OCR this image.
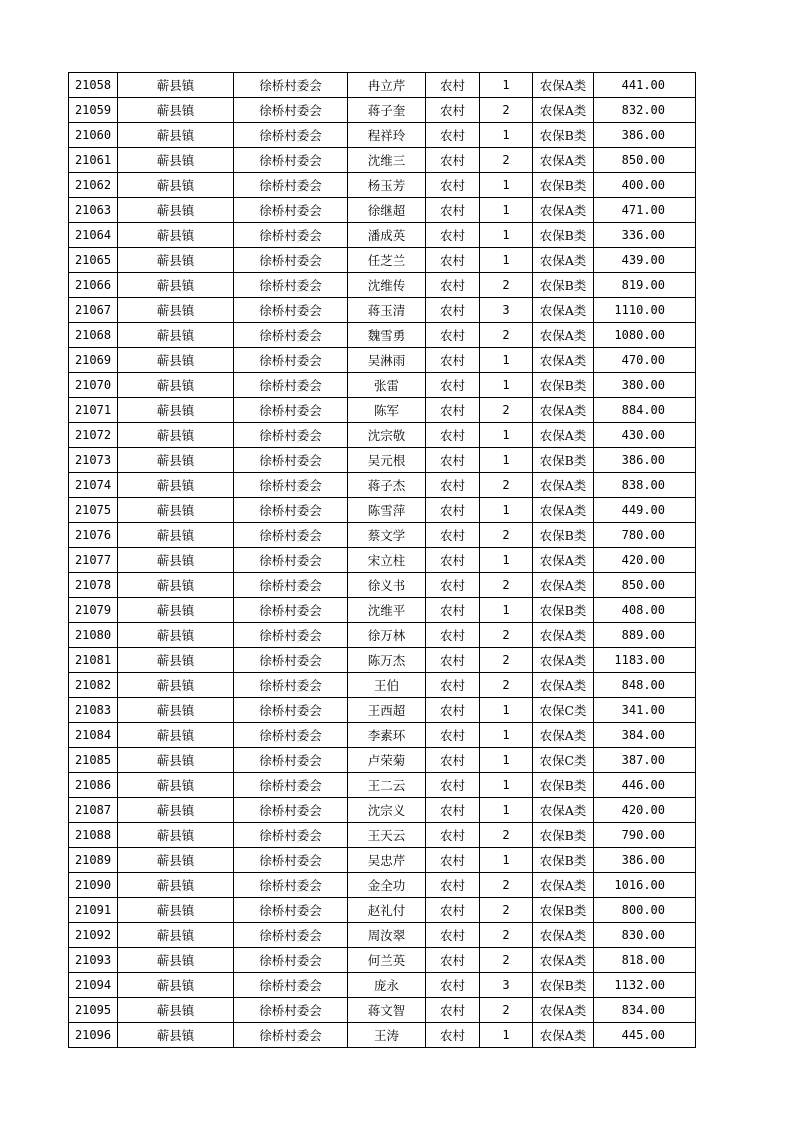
21058	蕲县镇	徐桥村委会	冉立芹	农村	1	农保A类	441.00
21059	蕲县镇	徐桥村委会	蒋子奎	农村	2	农保A类	832.00
21060	蕲县镇	徐桥村委会	程祥玲	农村	1	农保B类	386.00
21061	蕲县镇	徐桥村委会	沈维三	农村	2	农保A类	850.00
21062	蕲县镇	徐桥村委会	杨玉芳	农村	1	农保B类	400.00
21063	蕲县镇	徐桥村委会	徐继超	农村	1	农保A类	471.00
21064	蕲县镇	徐桥村委会	潘成英	农村	1	农保B类	336.00
21065	蕲县镇	徐桥村委会	任芝兰	农村	1	农保A类	439.00
21066	蕲县镇	徐桥村委会	沈维传	农村	2	农保B类	819.00
21067	蕲县镇	徐桥村委会	蒋玉清	农村	3	农保A类	1110.00
21068	蕲县镇	徐桥村委会	魏雪勇	农村	2	农保A类	1080.00
21069	蕲县镇	徐桥村委会	吴淋雨	农村	1	农保A类	470.00
21070	蕲县镇	徐桥村委会	张雷	农村	1	农保B类	380.00
21071	蕲县镇	徐桥村委会	陈军	农村	2	农保A类	884.00
21072	蕲县镇	徐桥村委会	沈宗敬	农村	1	农保A类	430.00
21073	蕲县镇	徐桥村委会	吴元根	农村	1	农保B类	386.00
21074	蕲县镇	徐桥村委会	蒋子杰	农村	2	农保A类	838.00
21075	蕲县镇	徐桥村委会	陈雪萍	农村	1	农保A类	449.00
21076	蕲县镇	徐桥村委会	蔡文学	农村	2	农保B类	780.00
21077	蕲县镇	徐桥村委会	宋立柱	农村	1	农保A类	420.00
21078	蕲县镇	徐桥村委会	徐义书	农村	2	农保A类	850.00
21079	蕲县镇	徐桥村委会	沈维平	农村	1	农保B类	408.00
21080	蕲县镇	徐桥村委会	徐万林	农村	2	农保A类	889.00
21081	蕲县镇	徐桥村委会	陈万杰	农村	2	农保A类	1183.00
21082	蕲县镇	徐桥村委会	王伯	农村	2	农保A类	848.00
21083	蕲县镇	徐桥村委会	王西超	农村	1	农保C类	341.00
21084	蕲县镇	徐桥村委会	李素环	农村	1	农保A类	384.00
21085	蕲县镇	徐桥村委会	卢荣菊	农村	1	农保C类	387.00
21086	蕲县镇	徐桥村委会	王二云	农村	1	农保B类	446.00
21087	蕲县镇	徐桥村委会	沈宗义	农村	1	农保A类	420.00
21088	蕲县镇	徐桥村委会	王天云	农村	2	农保B类	790.00
21089	蕲县镇	徐桥村委会	吴忠芹	农村	1	农保B类	386.00
21090	蕲县镇	徐桥村委会	金全功	农村	2	农保A类	1016.00
21091	蕲县镇	徐桥村委会	赵礼付	农村	2	农保B类	800.00
21092	蕲县镇	徐桥村委会	周汝翠	农村	2	农保A类	830.00
21093	蕲县镇	徐桥村委会	何兰英	农村	2	农保A类	818.00
21094	蕲县镇	徐桥村委会	庞永	农村	3	农保B类	1132.00
21095	蕲县镇	徐桥村委会	蒋文智	农村	2	农保A类	834.00
21096	蕲县镇	徐桥村委会	王涛	农村	1	农保A类	445.00
